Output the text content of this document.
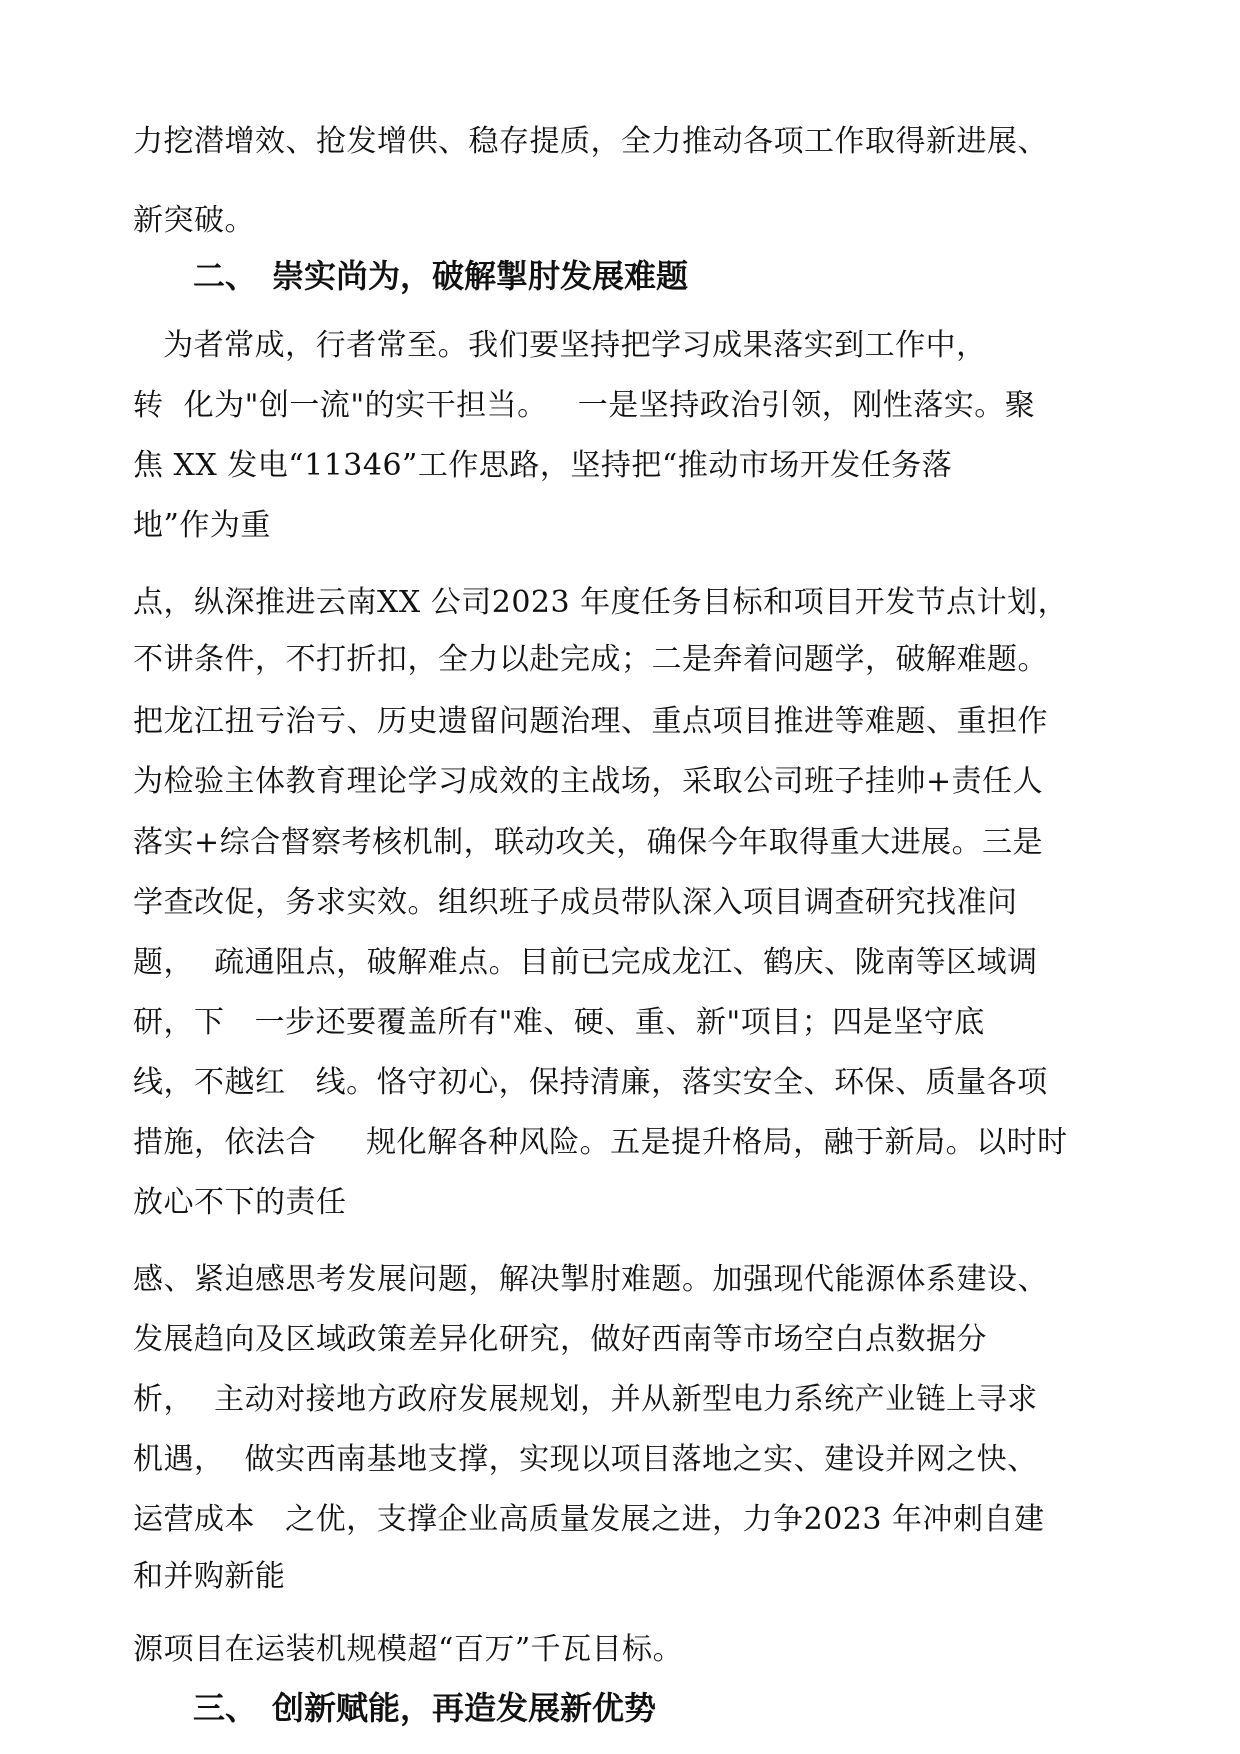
力挖潜增效、抢发增供、稳存提质，全力推动各项工作取得新进展、
新突破。
二、 崇实尚为，破解掣肘发展难题
为者常成，行者常至。我们要坚持把学习成果落实到工作中，
转  化为"创一流"的实干担当。   一是坚持政治引领，刚性落实。聚
焦 XX 发电“11346”工作思路，坚持把“推动市场开发任务落
地”作为重
点，纵深推进云南XX 公司2023 年度任务目标和项目开发节点计划，
不讲条件，不打折扣，全力以赴完成；二是奔着问题学，破解难题。
把龙江扭亏治亏、历史遗留问题治理、重点项目推进等难题、重担作
为检验主体教育理论学习成效的主战场，采取公司班子挂帅+责任人
落实+综合督察考核机制，联动攻关，确保今年取得重大进展。三是
学查改促，务求实效。组织班子成员带队深入项目调查研究找准问
题，  疏通阻点，破解难点。目前已完成龙江、鹤庆、陇南等区域调
研，下   一步还要覆盖所有"难、硬、重、新"项目；四是坚守底
线，不越红   线。恪守初心，保持清廉，落实安全、环保、质量各项
措施，依法合     规化解各种风险。五是提升格局，融于新局。以时时
放心不下的责任
感、紧迫感思考发展问题，解决掣肘难题。加强现代能源体系建设、
发展趋向及区域政策差异化研究，做好西南等市场空白点数据分
析，  主动对接地方政府发展规划，并从新型电力系统产业链上寻求
机遇，  做实西南基地支撑，实现以项目落地之实、建设并网之快、
运营成本   之优，支撑企业高质量发展之进，力争2023 年冲刺自建
和并购新能
源项目在运装机规模超“百万”千瓦目标。
三、 创新赋能，再造发展新优势
